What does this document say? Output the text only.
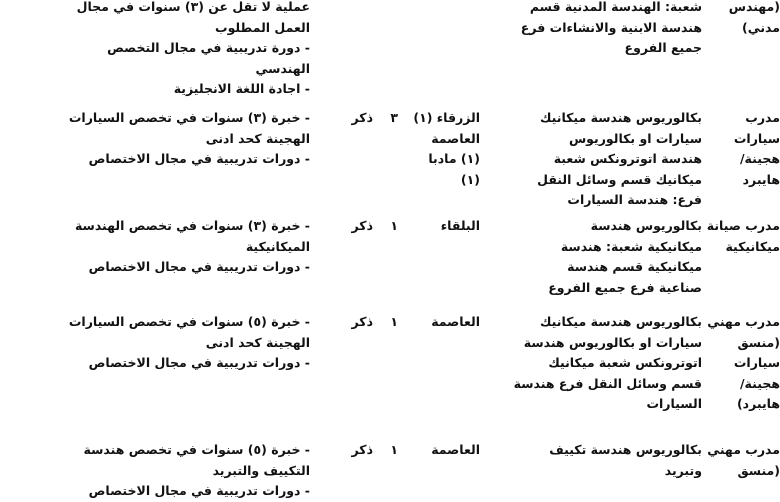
(مهندس
مدني)	شعبة: الهندسة المدنية قسم
هندسة الابنية والانشاءات فرع
جميع الفروع				عملية لا تقل عن (٣) سنوات في مجال
العمل المطلوب
- دورة تدريبية في مجال التخصص
الهندسي
- اجادة اللغة الانجليزية

مدرب
سيارات
هجينة/
هايبرد	بكالوريوس هندسة ميكانيك
سيارات او بكالوريوس
هندسة اتوترونكس شعبة
ميكانيك قسم وسائل النقل
فرع: هندسة السيارات	الزرقاء (١)
العاصمة
(١) مادبا
(١)	٣	ذكر	- خبرة (٣) سنوات في تخصص السيارات
الهجينة كحد ادنى
- دورات تدريبية في مجال الاختصاص

مدرب صيانة
ميكانيكية	بكالوريوس هندسة
ميكانيكية شعبة: هندسة
ميكانيكية قسم هندسة
صناعية فرع جميع الفروع	البلقاء	١	ذكر	- خبرة (٣) سنوات في تخصص الهندسة
الميكانيكية
- دورات تدريبية في مجال الاختصاص

مدرب مهني
(منسق
سيارات
هجينة/
هايبرد)	بكالوريوس هندسة ميكانيك
سيارات او بكالوريوس هندسة
اتوترونكس شعبة ميكانيك
قسم وسائل النقل فرع هندسة
السيارات	العاصمة	١	ذكر	- خبرة (٥) سنوات في تخصص السيارات
الهجينة كحد ادنى
- دورات تدريبية في مجال الاختصاص

مدرب مهني
(منسق	بكالوريوس هندسة تكييف
وتبريد	العاصمة	١	ذكر	- خبرة (٥) سنوات في تخصص هندسة
التكييف والتبريد
- دورات تدريبية في مجال الاختصاص
